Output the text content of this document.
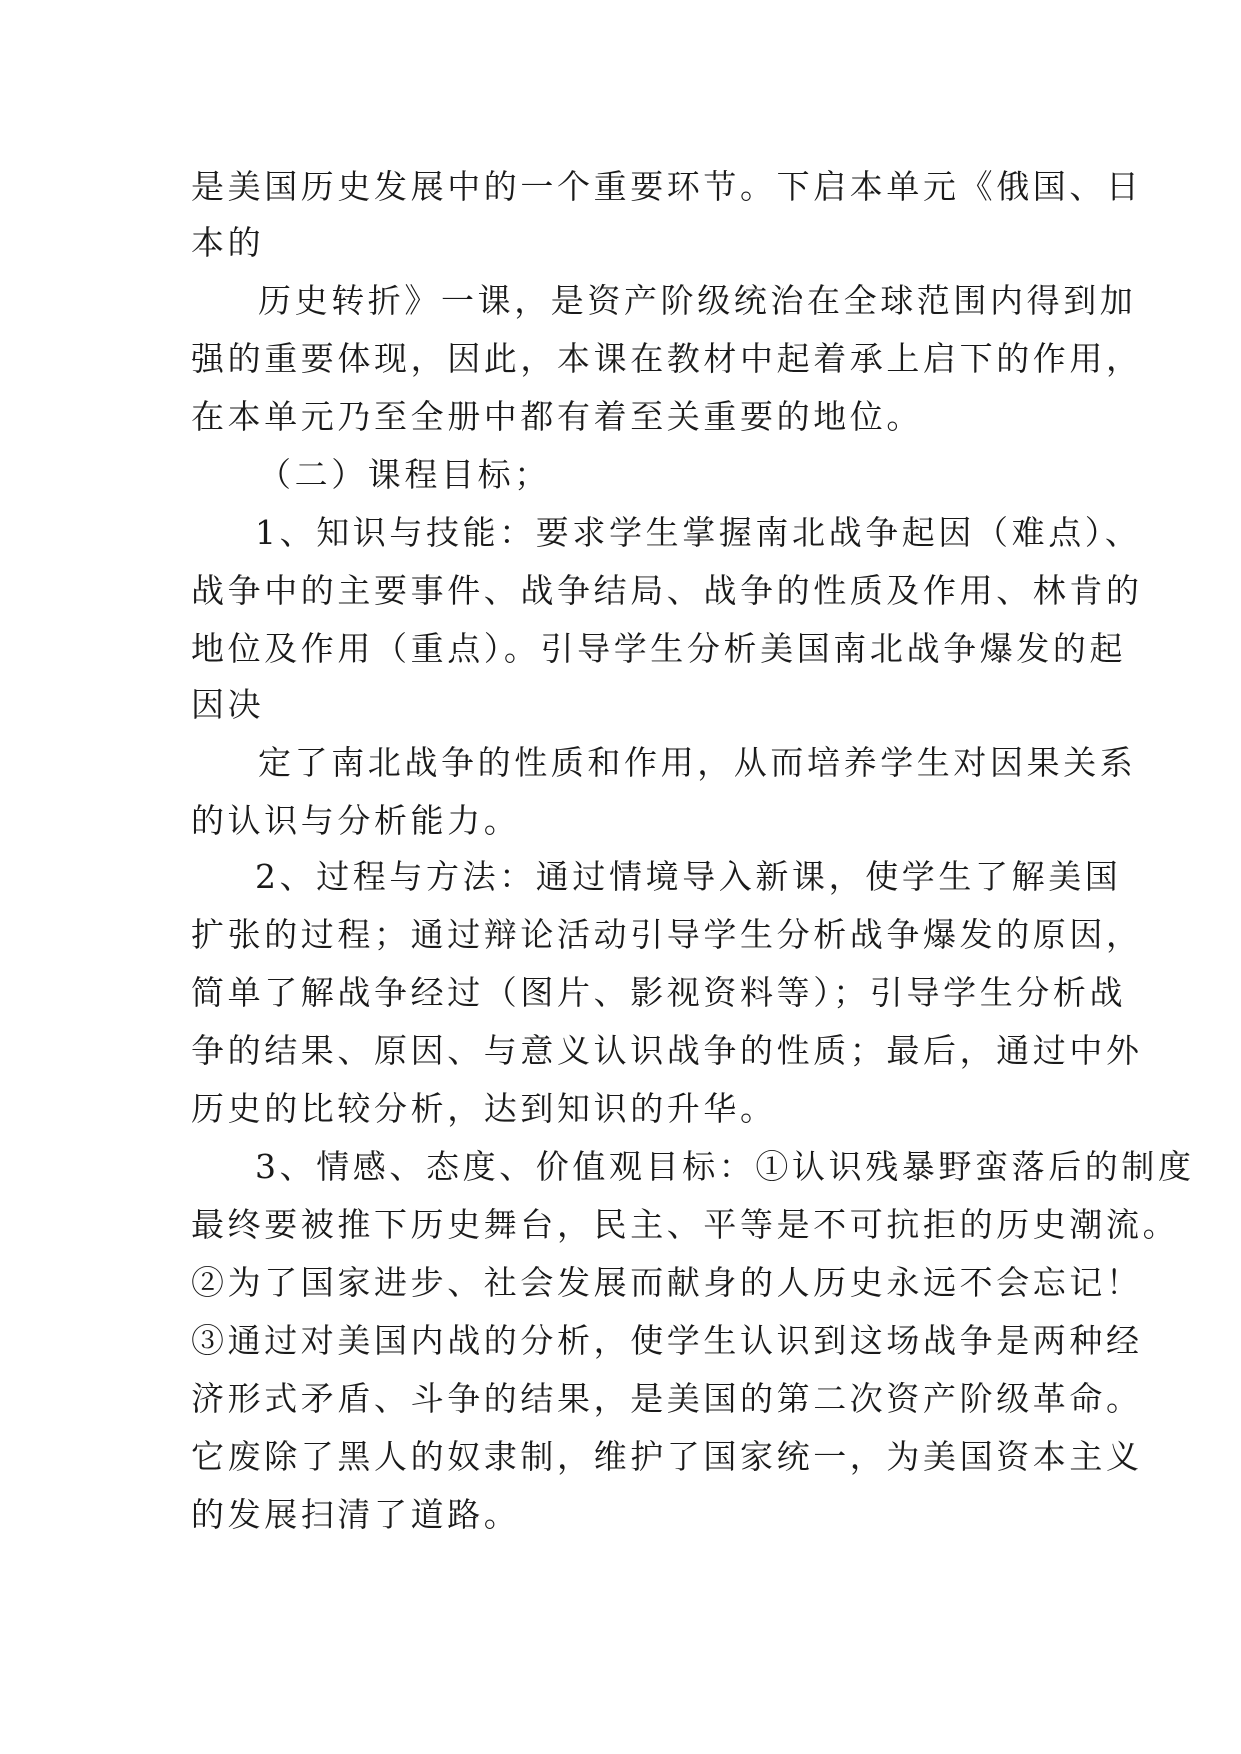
是美国历史发展中的一个重要环节。下启本单元《俄国、日
本的
历史转折》一课，是资产阶级统治在全球范围内得到加
强的重要体现，因此，本课在教材中起着承上启下的作用，
在本单元乃至全册中都有着至关重要的地位。
（二）课程目标；
1、知识与技能：要求学生掌握南北战争起因（难点）、
战争中的主要事件、战争结局、战争的性质及作用、林肯的
地位及作用（重点）。引导学生分析美国南北战争爆发的起
因决
定了南北战争的性质和作用，从而培养学生对因果关系
的认识与分析能力。
2、过程与方法：通过情境导入新课，使学生了解美国
扩张的过程；通过辩论活动引导学生分析战争爆发的原因，
简单了解战争经过（图片、影视资料等）；引导学生分析战
争的结果、原因、与意义认识战争的性质；最后，通过中外
历史的比较分析，达到知识的升华。
3、情感、态度、价值观目标：①认识残暴野蛮落后的制度
最终要被推下历史舞台，民主、平等是不可抗拒的历史潮流。
②为了国家进步、社会发展而献身的人历史永远不会忘记！
③通过对美国内战的分析，使学生认识到这场战争是两种经
济形式矛盾、斗争的结果，是美国的第二次资产阶级革命。
它废除了黑人的奴隶制，维护了国家统一，为美国资本主义
的发展扫清了道路。
